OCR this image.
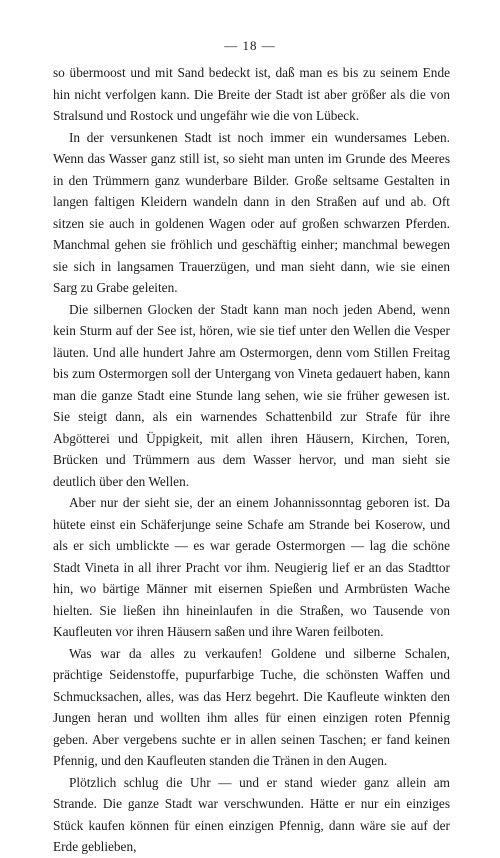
— 18 —

so übermoost und mit Sand bedeckt ist, daß man es bis zu seinem Ende hin nicht verfolgen kann. Die Breite der Stadt ist aber größer als die von Stralsund und Rostock und ungefähr wie die von Lübeck.

In der versunkenen Stadt ist noch immer ein wundersames Leben. Wenn das Wasser ganz still ist, so sieht man unten im Grunde des Meeres in den Trümmern ganz wunderbare Bilder. Große seltsame Gestalten in langen faltigen Kleidern wandeln dann in den Straßen auf und ab. Oft sitzen sie auch in goldenen Wagen oder auf großen schwarzen Pferden. Manchmal gehen sie fröhlich und geschäftig einher; manchmal bewegen sie sich in langsamen Trauerzügen, und man sieht dann, wie sie einen Sarg zu Grabe geleiten.

Die silbernen Glocken der Stadt kann man noch jeden Abend, wenn kein Sturm auf der See ist, hören, wie sie tief unter den Wellen die Vesper läuten. Und alle hundert Jahre am Ostermorgen, denn vom Stillen Freitag bis zum Ostermorgen soll der Untergang von Vineta gedauert haben, kann man die ganze Stadt eine Stunde lang sehen, wie sie früher gewesen ist. Sie steigt dann, als ein warnendes Schattenbild zur Strafe für ihre Abgötterei und Üppigkeit, mit allen ihren Häusern, Kirchen, Toren, Brücken und Trümmern aus dem Wasser hervor, und man sieht sie deutlich über den Wellen.

Aber nur der sieht sie, der an einem Johannissonntag geboren ist. Da hütete einst ein Schäferjunge seine Schafe am Strande bei Koserow, und als er sich umblickte — es war gerade Ostermorgen — lag die schöne Stadt Vineta in all ihrer Pracht vor ihm. Neugierig lief er an das Stadttor hin, wo bärtige Männer mit eisernen Spießen und Armbrüsten Wache hielten. Sie ließen ihn hineinlaufen in die Straßen, wo Tausende von Kaufleuten vor ihren Häusern saßen und ihre Waren feilboten.

Was war da alles zu verkaufen! Goldene und silberne Schalen, prächtige Seidenstoffe, pupurfarbige Tuche, die schönsten Waffen und Schmucksachen, alles, was das Herz begehrt. Die Kaufleute winkten den Jungen heran und wollten ihm alles für einen einzigen roten Pfennig geben. Aber vergebens suchte er in allen seinen Taschen; er fand keinen Pfennig, und den Kaufleuten standen die Tränen in den Augen.

Plötzlich schlug die Uhr — und er stand wieder ganz allein am Strande. Die ganze Stadt war verschwunden. Hätte er nur ein einziges Stück kaufen können für einen einzigen Pfennig, dann wäre sie auf der Erde geblieben,
